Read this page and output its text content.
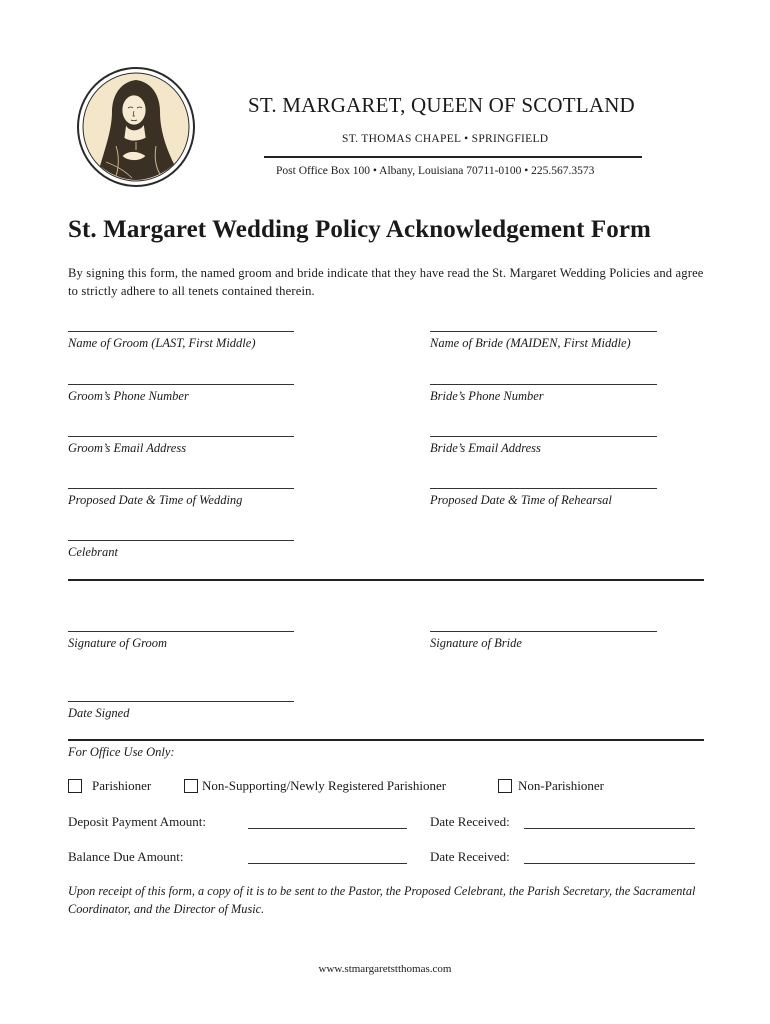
ST. MARGARET, QUEEN OF SCOTLAND
ST. THOMAS CHAPEL • SPRINGFIELD
Post Office Box 100 • Albany, Louisiana 70711-0100 • 225.567.3573
St. Margaret Wedding Policy Acknowledgement Form
By signing this form, the named groom and bride indicate that they have read the St. Margaret Wedding Policies and agree to strictly adhere to all tenets contained therein.
Name of Groom (LAST, First Middle)	Name of Bride (MAIDEN, First Middle)
Groom’s Phone Number	Bride’s Phone Number
Groom’s Email Address	Bride’s Email Address
Proposed Date & Time of Wedding	Proposed Date & Time of Rehearsal
Celebrant
Signature of Groom	Signature of Bride
Date Signed
For Office Use Only:
Parishioner	Non-Supporting/Newly Registered Parishioner	Non-Parishioner
Deposit Payment Amount:	Date Received:
Balance Due Amount:	Date Received:
Upon receipt of this form, a copy of it is to be sent to the Pastor, the Proposed Celebrant, the Parish Secretary, the Sacramental Coordinator, and the Director of Music.
www.stmargaretstthomas.com
